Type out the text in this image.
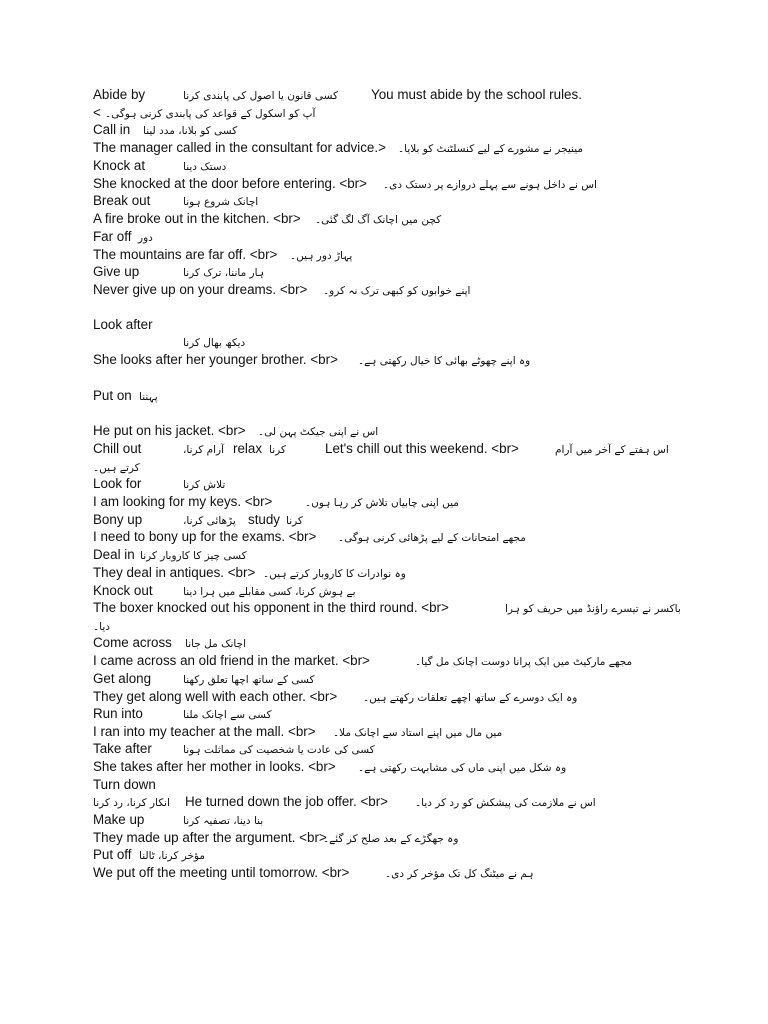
Abide by	کسی قانون یا اصول کی پابندی کرنا You must abide by the school rules.
< آپ کو اسکول کے قواعد کی پابندی کرنی ہوگی۔
Call in کسی کو بلانا، مدد لینا
The manager called in the consultant for advice.> مینیجر نے مشورے کے لیے کنسلٹنٹ کو بلایا۔
Knock at	دستک دینا
She knocked at the door before entering. <br> اس نے داخل ہونے سے پہلے دروازے پر دستک دی۔
Break out	اچانک شروع ہونا
A fire broke out in the kitchen. <br> کچن میں اچانک آگ لگ گئی۔
Far off دور
The mountains are far off. <br> پہاڑ دور ہیں۔
Give up	ہار ماننا، ترک کرنا
Never give up on your dreams. <br> اپنے خوابوں کو کبھی ترک نہ کرو۔
Look after
دیکھ بھال کرنا
She looks after her younger brother. <br> وہ اپنے چھوٹے بھائی کا خیال رکھتی ہے۔
Put on پہننا
He put on his jacket. <br> اس نے اپنی جیکٹ پہن لی۔
Chill out	آرام کرنا، relax کرنا	Let's chill out this weekend. <br>	اس ہفتے کے آخر میں آرام
کرتے ہیں۔
Look for	تلاش کرنا
I am looking for my keys. <br>	میں اپنی چابیاں تلاش کر رہا ہوں۔
Bony up	پڑھائی کرنا، study کرنا
I need to bony up for the exams. <br> مجھے امتحانات کے لیے پڑھائی کرنی ہوگی۔
Deal in کسی چیز کا کاروبار کرنا
They deal in antiques. <br> وہ نوادرات کا کاروبار کرتے ہیں۔
Knock out	بے ہوش کرنا، کسی مقابلے میں ہرا دینا
The boxer knocked out his opponent in the third round. <br>	باکسر نے تیسرے راؤنڈ میں حریف کو ہرا
دیا۔
Come across اچانک مل جانا
I came across an old friend in the market. <br>	مجھے مارکیٹ میں ایک پرانا دوست اچانک مل گیا۔
Get along	کسی کے ساتھ اچھا تعلق رکھنا
They get along well with each other. <br> وہ ایک دوسرے کے ساتھ اچھے تعلقات رکھتے ہیں۔
Run into	کسی سے اچانک ملنا
I ran into my teacher at the mall. <br> میں مال میں اپنے استاد سے اچانک ملا۔
Take after	کسی کی عادت یا شخصیت کی مماثلت ہونا
She takes after her mother in looks. <br> وہ شکل میں اپنی ماں کی مشابہت رکھتی ہے۔
Turn down
انکار کرنا، رد کرنا He turned down the job offer. <br>	اس نے ملازمت کی پیشکش کو رد کر دیا۔
Make up	بنا دینا، تصفیہ کرنا
They made up after the argument. <br>
وہ جھگڑے کے بعد صلح کر گئے۔
Put off مؤخر کرنا، ٹالنا
We put off the meeting until tomorrow. <br>	ہم نے میٹنگ کل تک مؤخر کر دی۔
